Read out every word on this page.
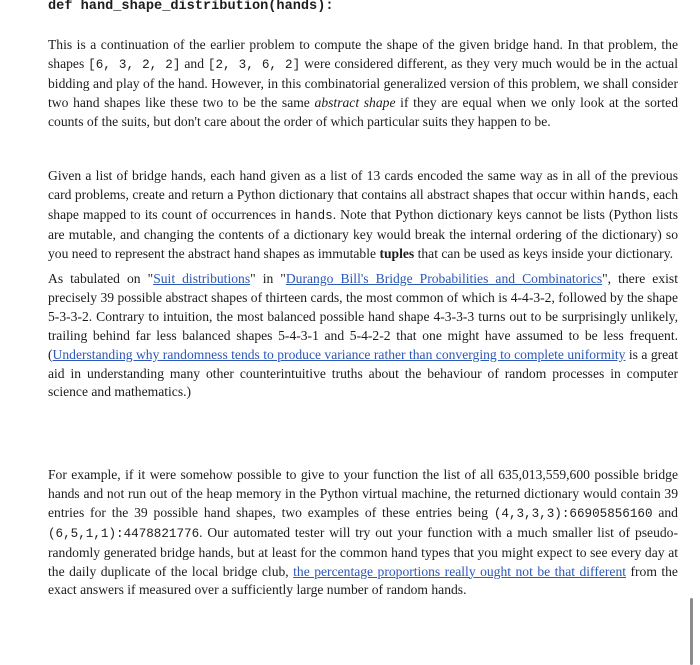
def hand_shape_distribution(hands):

This is a continuation of the earlier problem to compute the shape of the given bridge hand. In that problem, the shapes [6, 3, 2, 2] and [2, 3, 6, 2] were considered different, as they very much would be in the actual bidding and play of the hand. However, in this combinatorial generalized version of this problem, we shall consider two hand shapes like these two to be the same abstract shape if they are equal when we only look at the sorted counts of the suits, but don't care about the order of which particular suits they happen to be.

Given a list of bridge hands, each hand given as a list of 13 cards encoded the same way as in all of the previous card problems, create and return a Python dictionary that contains all abstract shapes that occur within hands, each shape mapped to its count of occurrences in hands. Note that Python dictionary keys cannot be lists (Python lists are mutable, and changing the contents of a dictionary key would break the internal ordering of the dictionary) so you need to represent the abstract hand shapes as immutable tuples that can be used as keys inside your dictionary.

As tabulated on "Suit distributions" in "Durango Bill's Bridge Probabilities and Combinatorics", there exist precisely 39 possible abstract shapes of thirteen cards, the most common of which is 4-4-3-2, followed by the shape 5-3-3-2. Contrary to intuition, the most balanced possible hand shape 4-3-3-3 turns out to be surprisingly unlikely, trailing behind far less balanced shapes 5-4-3-1 and 5-4-2-2 that one might have assumed to be less frequent. (Understanding why randomness tends to produce variance rather than converging to complete uniformity is a great aid in understanding many other counterintuitive truths about the behaviour of random processes in computer science and mathematics.)

For example, if it were somehow possible to give to your function the list of all 635,013,559,600 possible bridge hands and not run out of the heap memory in the Python virtual machine, the returned dictionary would contain 39 entries for the 39 possible hand shapes, two examples of these entries being (4,3,3,3):66905856160 and (6,5,1,1):4478821776. Our automated tester will try out your function with a much smaller list of pseudo-randomly generated bridge hands, but at least for the common hand types that you might expect to see every day at the daily duplicate of the local bridge club, the percentage proportions really ought not be that different from the exact answers if measured over a sufficiently large number of random hands.
